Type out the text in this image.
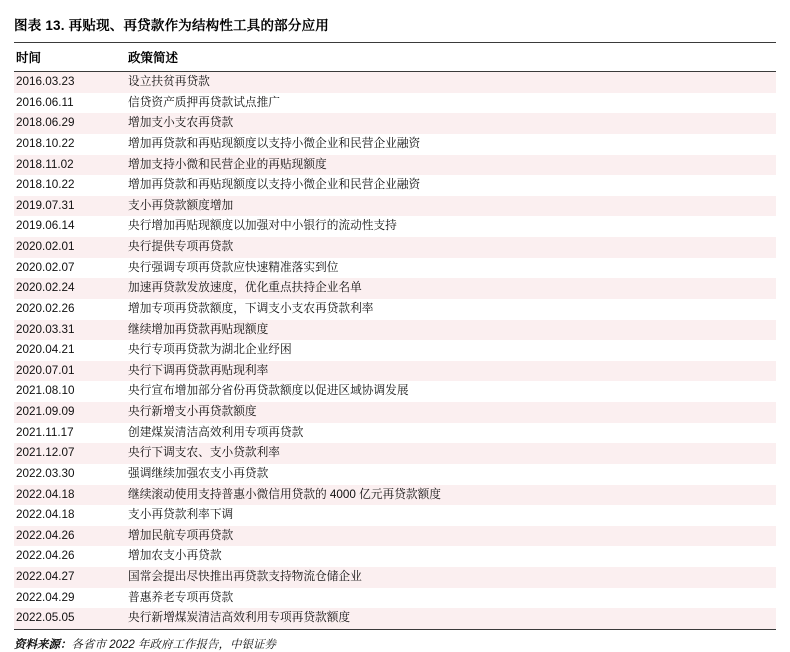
图表 13. 再贴现、再贷款作为结构性工具的部分应用
时间	政策简述
2016.03.23	设立扶贫再贷款
2016.06.11	信贷资产质押再贷款试点推广
2018.06.29	增加支小支农再贷款
2018.10.22	增加再贷款和再贴现额度以支持小微企业和民营企业融资
2018.11.02	增加支持小微和民营企业的再贴现额度
2018.10.22	增加再贷款和再贴现额度以支持小微企业和民营企业融资
2019.07.31	支小再贷款额度增加
2019.06.14	央行增加再贴现额度以加强对中小银行的流动性支持
2020.02.01	央行提供专项再贷款
2020.02.07	央行强调专项再贷款应快速精准落实到位
2020.02.24	加速再贷款发放速度，优化重点扶持企业名单
2020.02.26	增加专项再贷款额度，下调支小支农再贷款利率
2020.03.31	继续增加再贷款再贴现额度
2020.04.21	央行专项再贷款为湖北企业纾困
2020.07.01	央行下调再贷款再贴现利率
2021.08.10	央行宣布增加部分省份再贷款额度以促进区域协调发展
2021.09.09	央行新增支小再贷款额度
2021.11.17	创建煤炭清洁高效利用专项再贷款
2021.12.07	央行下调支农、支小贷款利率
2022.03.30	强调继续加强农支小再贷款
2022.04.18	继续滚动使用支持普惠小微信用贷款的 4000 亿元再贷款额度
2022.04.18	支小再贷款利率下调
2022.04.26	增加民航专项再贷款
2022.04.26	增加农支小再贷款
2022.04.27	国常会提出尽快推出再贷款支持物流仓储企业
2022.04.29	普惠养老专项再贷款
2022.05.05	央行新增煤炭清洁高效利用专项再贷款额度
资料来源：各省市 2022 年政府工作报告，中银证券
